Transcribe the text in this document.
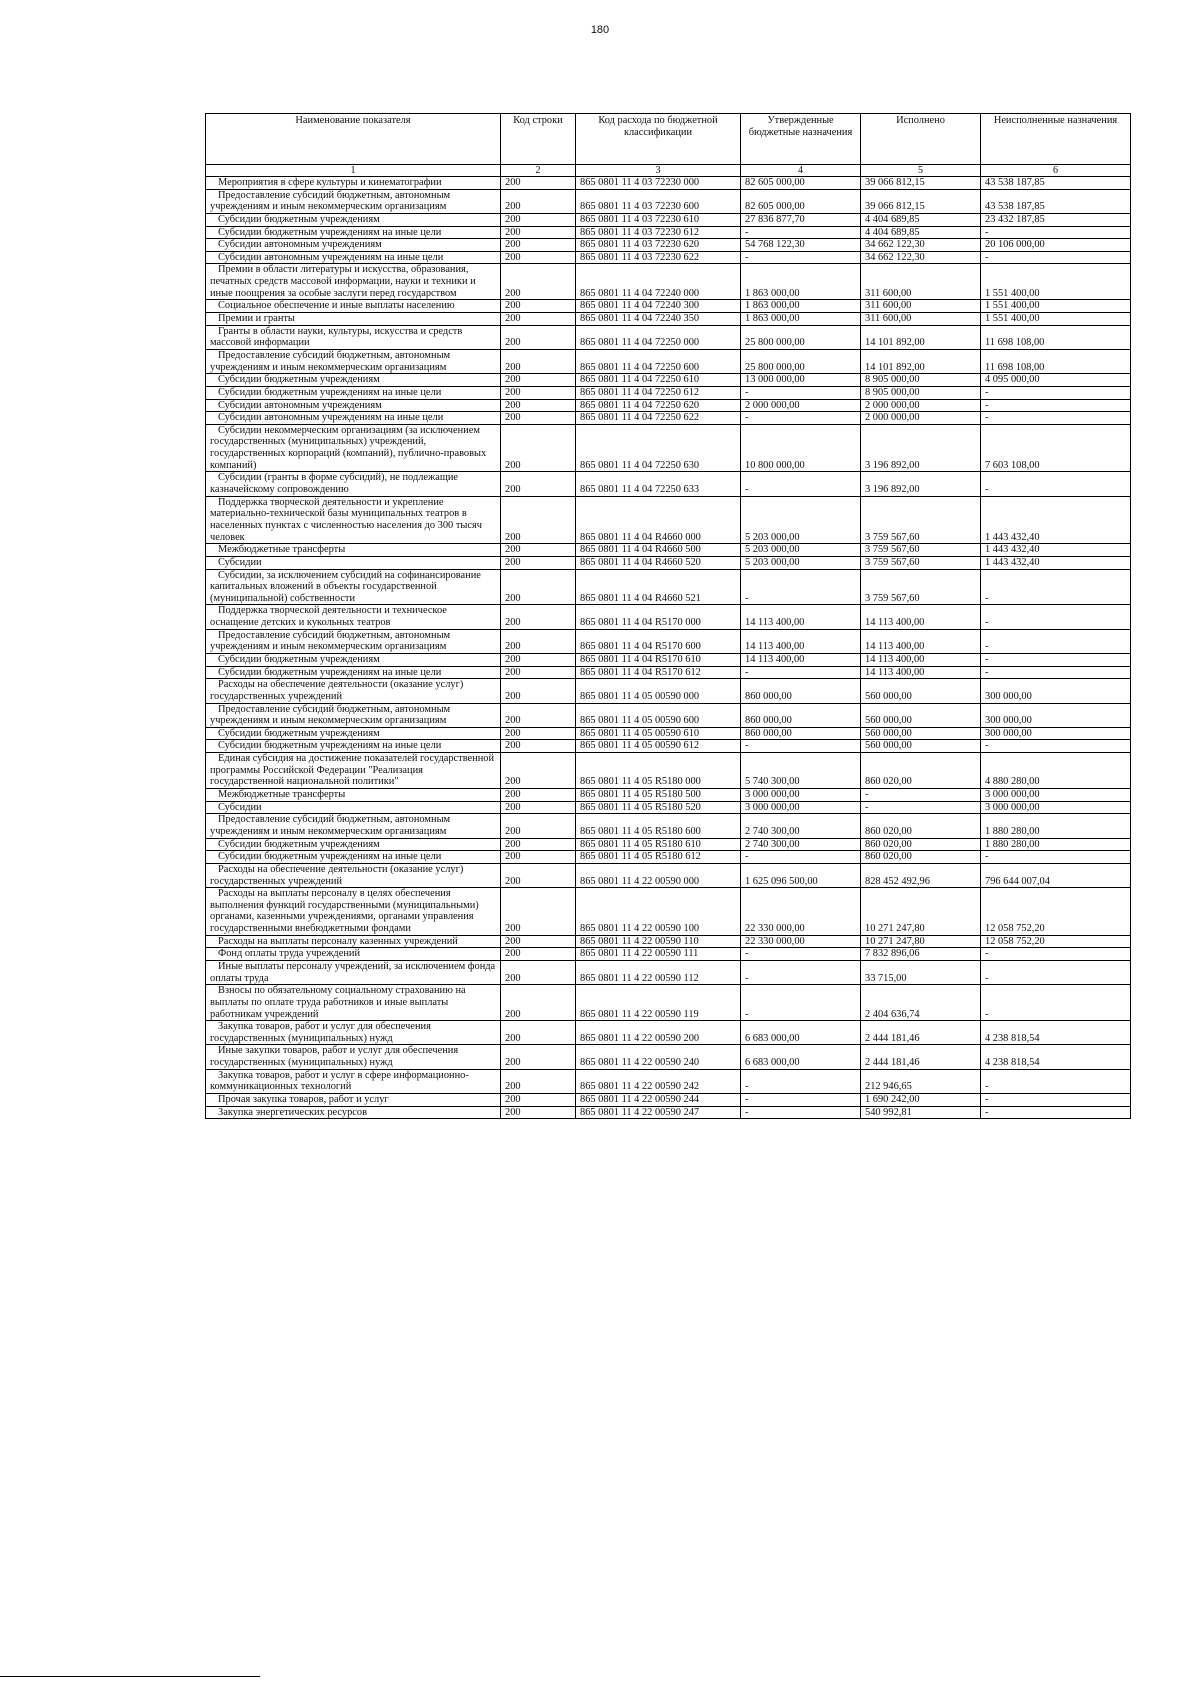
180
Наименование показателя	Код строки	Код расхода по бюджетной классификации	Утвержденные бюджетные назначения	Исполнено	Неисполненные назначения
1	2	3	4	5	6
Мероприятия в сфере культуры и кинематографии	200	865 0801 11 4 03 72230 000	82 605 000,00	39 066 812,15	43 538 187,85
Предоставление субсидий бюджетным, автономным учреждениям и иным некоммерческим организациям	200	865 0801 11 4 03 72230 600	82 605 000,00	39 066 812,15	43 538 187,85
Субсидии бюджетным учреждениям	200	865 0801 11 4 03 72230 610	27 836 877,70	4 404 689,85	23 432 187,85
Субсидии бюджетным учреждениям на иные цели	200	865 0801 11 4 03 72230 612	-	4 404 689,85	-
Субсидии автономным учреждениям	200	865 0801 11 4 03 72230 620	54 768 122,30	34 662 122,30	20 106 000,00
Субсидии автономным учреждениям на иные цели	200	865 0801 11 4 03 72230 622	-	34 662 122,30	-
Премии в области литературы и искусства, образования, печатных средств массовой информации, науки и техники и иные поощрения за особые заслуги перед государством	200	865 0801 11 4 04 72240 000	1 863 000,00	311 600,00	1 551 400,00
Социальное обеспечение и иные выплаты населению	200	865 0801 11 4 04 72240 300	1 863 000,00	311 600,00	1 551 400,00
Премии и гранты	200	865 0801 11 4 04 72240 350	1 863 000,00	311 600,00	1 551 400,00
Гранты в области науки, культуры, искусства и средств массовой информации	200	865 0801 11 4 04 72250 000	25 800 000,00	14 101 892,00	11 698 108,00
Предоставление субсидий бюджетным, автономным учреждениям и иным некоммерческим организациям	200	865 0801 11 4 04 72250 600	25 800 000,00	14 101 892,00	11 698 108,00
Субсидии бюджетным учреждениям	200	865 0801 11 4 04 72250 610	13 000 000,00	8 905 000,00	4 095 000,00
Субсидии бюджетным учреждениям на иные цели	200	865 0801 11 4 04 72250 612	-	8 905 000,00	-
Субсидии автономным учреждениям	200	865 0801 11 4 04 72250 620	2 000 000,00	2 000 000,00	-
Субсидии автономным учреждениям на иные цели	200	865 0801 11 4 04 72250 622	-	2 000 000,00	-
Субсидии некоммерческим организациям (за исключением государственных (муниципальных) учреждений, государственных корпораций (компаний), публично-правовых компаний)	200	865 0801 11 4 04 72250 630	10 800 000,00	3 196 892,00	7 603 108,00
Субсидии (гранты в форме субсидий), не подлежащие казначейскому сопровождению	200	865 0801 11 4 04 72250 633	-	3 196 892,00	-
Поддержка творческой деятельности и укрепление материально-технической базы муниципальных театров в населенных пунктах с численностью населения до 300 тысяч человек	200	865 0801 11 4 04 R4660 000	5 203 000,00	3 759 567,60	1 443 432,40
Межбюджетные трансферты	200	865 0801 11 4 04 R4660 500	5 203 000,00	3 759 567,60	1 443 432,40
Субсидии	200	865 0801 11 4 04 R4660 520	5 203 000,00	3 759 567,60	1 443 432,40
Субсидии, за исключением субсидий на софинансирование капитальных вложений в объекты государственной (муниципальной) собственности	200	865 0801 11 4 04 R4660 521	-	3 759 567,60	-
Поддержка творческой деятельности и техническое оснащение детских и кукольных театров	200	865 0801 11 4 04 R5170 000	14 113 400,00	14 113 400,00	-
Предоставление субсидий бюджетным, автономным учреждениям и иным некоммерческим организациям	200	865 0801 11 4 04 R5170 600	14 113 400,00	14 113 400,00	-
Субсидии бюджетным учреждениям	200	865 0801 11 4 04 R5170 610	14 113 400,00	14 113 400,00	-
Субсидии бюджетным учреждениям на иные цели	200	865 0801 11 4 04 R5170 612	-	14 113 400,00	-
Расходы на обеспечение деятельности (оказание услуг) государственных учреждений	200	865 0801 11 4 05 00590 000	860 000,00	560 000,00	300 000,00
Предоставление субсидий бюджетным, автономным учреждениям и иным некоммерческим организациям	200	865 0801 11 4 05 00590 600	860 000,00	560 000,00	300 000,00
Субсидии бюджетным учреждениям	200	865 0801 11 4 05 00590 610	860 000,00	560 000,00	300 000,00
Субсидии бюджетным учреждениям на иные цели	200	865 0801 11 4 05 00590 612	-	560 000,00	-
Единая субсидия на достижение показателей государственной программы Российской Федерации "Реализация государственной национальной политики"	200	865 0801 11 4 05 R5180 000	5 740 300,00	860 020,00	4 880 280,00
Межбюджетные трансферты	200	865 0801 11 4 05 R5180 500	3 000 000,00	-	3 000 000,00
Субсидии	200	865 0801 11 4 05 R5180 520	3 000 000,00	-	3 000 000,00
Предоставление субсидий бюджетным, автономным учреждениям и иным некоммерческим организациям	200	865 0801 11 4 05 R5180 600	2 740 300,00	860 020,00	1 880 280,00
Субсидии бюджетным учреждениям	200	865 0801 11 4 05 R5180 610	2 740 300,00	860 020,00	1 880 280,00
Субсидии бюджетным учреждениям на иные цели	200	865 0801 11 4 05 R5180 612	-	860 020,00	-
Расходы на обеспечение деятельности (оказание услуг) государственных учреждений	200	865 0801 11 4 22 00590 000	1 625 096 500,00	828 452 492,96	796 644 007,04
Расходы на выплаты персоналу в целях обеспечения выполнения функций государственными (муниципальными) органами, казенными учреждениями, органами управления государственными внебюджетными фондами	200	865 0801 11 4 22 00590 100	22 330 000,00	10 271 247,80	12 058 752,20
Расходы на выплаты персоналу казенных учреждений	200	865 0801 11 4 22 00590 110	22 330 000,00	10 271 247,80	12 058 752,20
Фонд оплаты труда учреждений	200	865 0801 11 4 22 00590 111	-	7 832 896,06	-
Иные выплаты персоналу учреждений, за исключением фонда оплаты труда	200	865 0801 11 4 22 00590 112	-	33 715,00	-
Взносы по обязательному социальному страхованию на выплаты по оплате труда работников и иные выплаты работникам учреждений	200	865 0801 11 4 22 00590 119	-	2 404 636,74	-
Закупка товаров, работ и услуг для обеспечения государственных (муниципальных) нужд	200	865 0801 11 4 22 00590 200	6 683 000,00	2 444 181,46	4 238 818,54
Иные закупки товаров, работ и услуг для обеспечения государственных (муниципальных) нужд	200	865 0801 11 4 22 00590 240	6 683 000,00	2 444 181,46	4 238 818,54
Закупка товаров, работ и услуг в сфере информационно-коммуникационных технологий	200	865 0801 11 4 22 00590 242	-	212 946,65	-
Прочая закупка товаров, работ и услуг	200	865 0801 11 4 22 00590 244	-	1 690 242,00	-
Закупка энергетических ресурсов	200	865 0801 11 4 22 00590 247	-	540 992,81	-
